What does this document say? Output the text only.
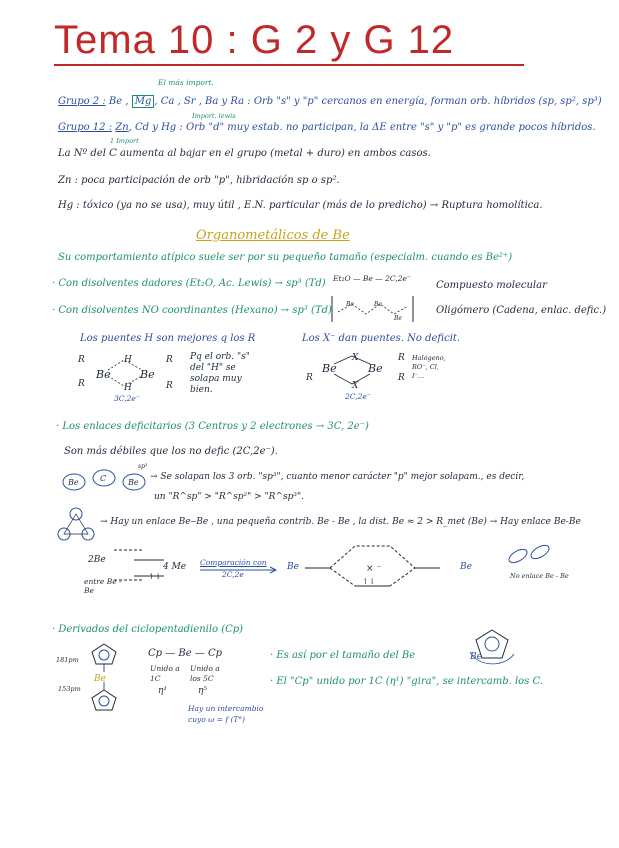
Tema 10 : G 2 y G 12
El más import.
Import. lewis
1 Import
Grupo 2 : Be , Mg , Ca , Sr , Ba y Ra : Orb "s" y "p" cercanos en energía, forman orb. híbridos (sp, sp², sp³)
Grupo 12 : Zn, Cd y Hg : Orb "d" muy estab. no participan, la ΔE entre "s" y "p" es grande pocos híbridos.
La Nº del C aumenta al bajar en el grupo (metal + duro) en ambos casos.
Zn : poca participación de orb "p", hibridación sp o sp².
Hg : tóxico (ya no se usa), muy útil , E.N. particular (más de lo predicho) → Ruptura homolítica.
Organometálicos de Be
Su comportamiento atípico suele ser por su pequeño tamaño (especialm. cuando es Be²⁺)
· Con disolventes dadores (Et₂O, Ac. Lewis) → sp³ (Td) Et₂O — Be — 2C,2e⁻
Compuesto molecular
· Con disolventes NO coordinantes (Hexano) → sp³ (Td)
Be	Be
Be
Oligómero (Cadena, enlac. defic.)
Los puentes H son mejores q los R	Los X⁻ dan puentes. No deficit.
R
R
Be
H
H
Be
R
R
3C,2e⁻
Pq el orb. "s" del "H" se solapa muy bien.
R
Be
X
X
Be
R
R
2C,2e⁻
Halógeno, RO⁻, Cl, I⁻...
· Los enlaces deficitarios (3 Centros y 2 electrones → 3C, 2e⁻)
Son más débiles que los no defic (2C,2e⁻).
Be	C	Be
sp³
→ Se solapan los 3 orb. "sp³", cuanto menor carácter "p" mejor solapam., es decir,
un "R^sp" > "R^sp²" > "R^sp³".
→ Hay un enlace Be‒Be , una pequeña contrib. Be - Be , la dist. Be ≈ 2 > R_met (Be) → Hay enlace Be-Be
2Be
↿⇂
entre Be - Be
4 Me Comparación con
2C,2e
Be
↿⇂
× ⁻	Be
No enlace Be - Be
· Derivados del ciclopentadienilo (Cp)
Be
181pm
153pm
Cp — Be — Cp
Unido a 1C
Unido a los 5C
η¹	η⁵
Hay un intercambio cuyo ω = f (T°)
· Es así por el tamaño del Be
· El "Cp" unido por 1C (η¹) "gira", se intercamb. los C.
Be
